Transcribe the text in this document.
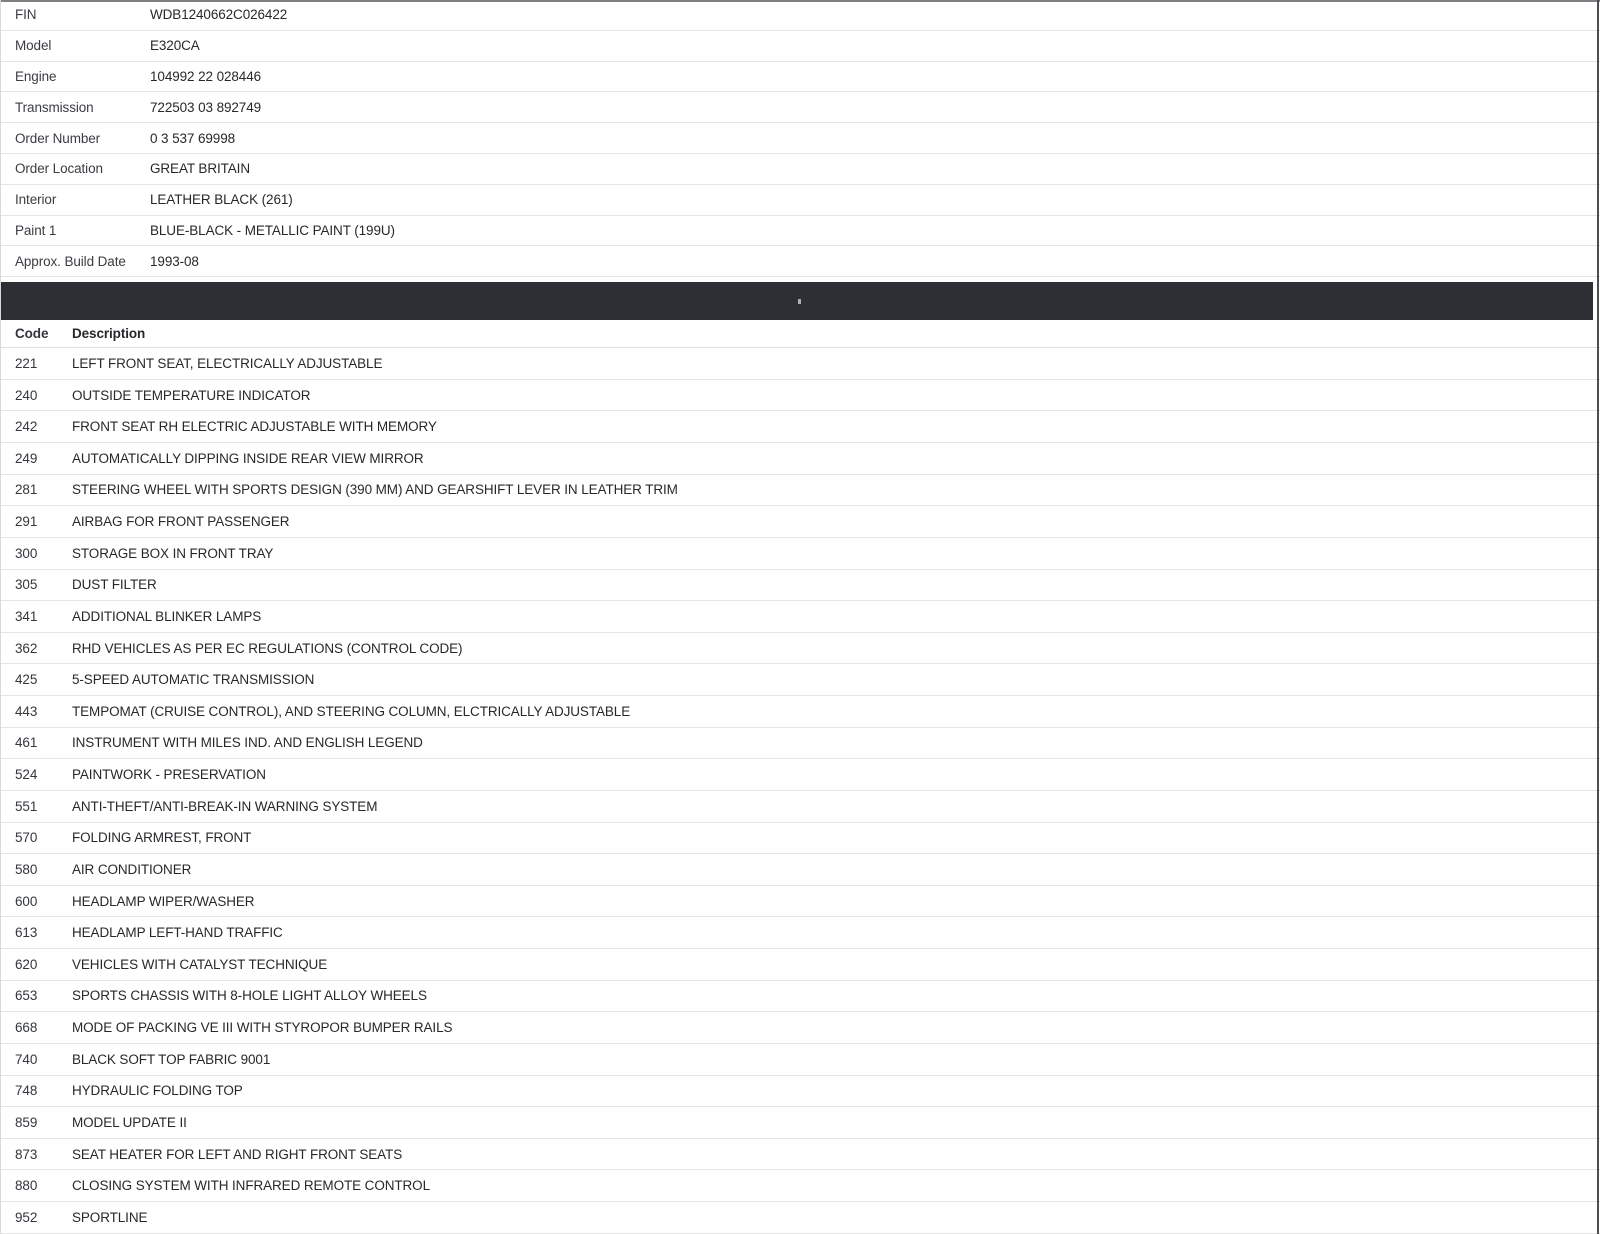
FIN	WDB1240662C026422
Model	E320CA
Engine	104992 22 028446
Transmission	722503 03 892749
Order Number	0 3 537 69998
Order Location	GREAT BRITAIN
Interior	LEATHER BLACK (261)
Paint 1	BLUE-BLACK - METALLIC PAINT (199U)
Approx. Build Date	1993-08
Code	Description
221	LEFT FRONT SEAT, ELECTRICALLY ADJUSTABLE
240	OUTSIDE TEMPERATURE INDICATOR
242	FRONT SEAT RH ELECTRIC ADJUSTABLE WITH MEMORY
249	AUTOMATICALLY DIPPING INSIDE REAR VIEW MIRROR
281	STEERING WHEEL WITH SPORTS DESIGN (390 MM) AND GEARSHIFT LEVER IN LEATHER TRIM
291	AIRBAG FOR FRONT PASSENGER
300	STORAGE BOX IN FRONT TRAY
305	DUST FILTER
341	ADDITIONAL BLINKER LAMPS
362	RHD VEHICLES AS PER EC REGULATIONS (CONTROL CODE)
425	5-SPEED AUTOMATIC TRANSMISSION
443	TEMPOMAT (CRUISE CONTROL), AND STEERING COLUMN, ELCTRICALLY ADJUSTABLE
461	INSTRUMENT WITH MILES IND. AND ENGLISH LEGEND
524	PAINTWORK - PRESERVATION
551	ANTI-THEFT/ANTI-BREAK-IN WARNING SYSTEM
570	FOLDING ARMREST, FRONT
580	AIR CONDITIONER
600	HEADLAMP WIPER/WASHER
613	HEADLAMP LEFT-HAND TRAFFIC
620	VEHICLES WITH CATALYST TECHNIQUE
653	SPORTS CHASSIS WITH 8-HOLE LIGHT ALLOY WHEELS
668	MODE OF PACKING VE III WITH STYROPOR BUMPER RAILS
740	BLACK SOFT TOP FABRIC 9001
748	HYDRAULIC FOLDING TOP
859	MODEL UPDATE II
873	SEAT HEATER FOR LEFT AND RIGHT FRONT SEATS
880	CLOSING SYSTEM WITH INFRARED REMOTE CONTROL
952	SPORTLINE
